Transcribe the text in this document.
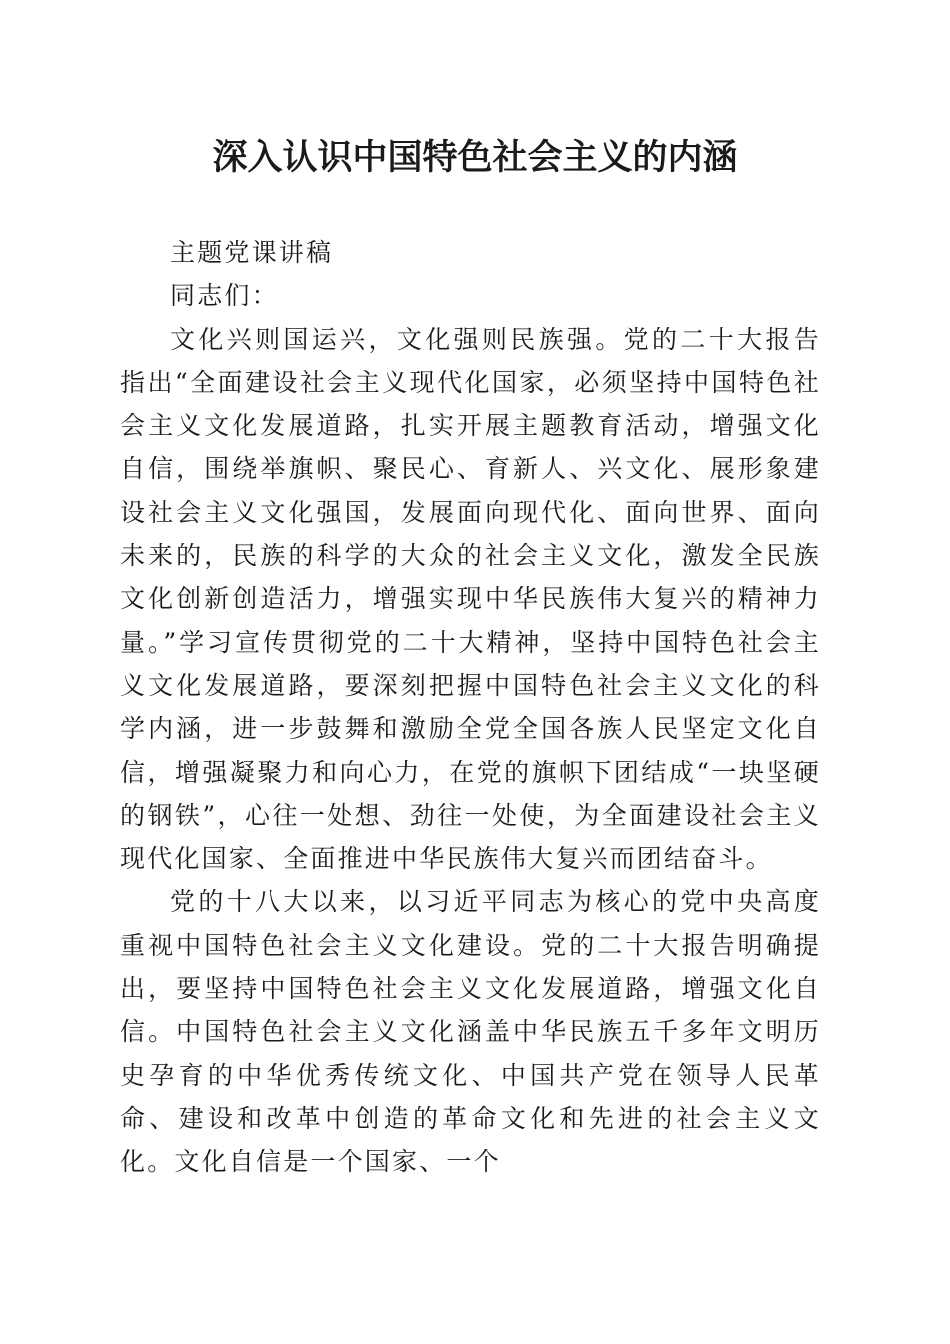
深入认识中国特色社会主义的内涵

主题党课讲稿

同志们：

文化兴则国运兴，文化强则民族强。党的二十大报告指出“全面建设社会主义现代化国家，必须坚持中国特色社会主义文化发展道路，扎实开展主题教育活动，增强文化自信，围绕举旗帜、聚民心、育新人、兴文化、展形象建设社会主义文化强国，发展面向现代化、面向世界、面向未来的，民族的科学的大众的社会主义文化，激发全民族文化创新创造活力，增强实现中华民族伟大复兴的精神力量。”学习宣传贯彻党的二十大精神，坚持中国特色社会主义文化发展道路，要深刻把握中国特色社会主义文化的科学内涵，进一步鼓舞和激励全党全国各族人民坚定文化自信，增强凝聚力和向心力，在党的旗帜下团结成“一块坚硬的钢铁”，心往一处想、劲往一处使，为全面建设社会主义现代化国家、全面推进中华民族伟大复兴而团结奋斗。

党的十八大以来，以习近平同志为核心的党中央高度重视中国特色社会主义文化建设。党的二十大报告明确提出，要坚持中国特色社会主义文化发展道路，增强文化自信。中国特色社会主义文化涵盖中华民族五千多年文明历史孕育的中华优秀传统文化、中国共产党在领导人民革命、建设和改革中创造的革命文化和先进的社会主义文化。文化自信是一个国家、一个
